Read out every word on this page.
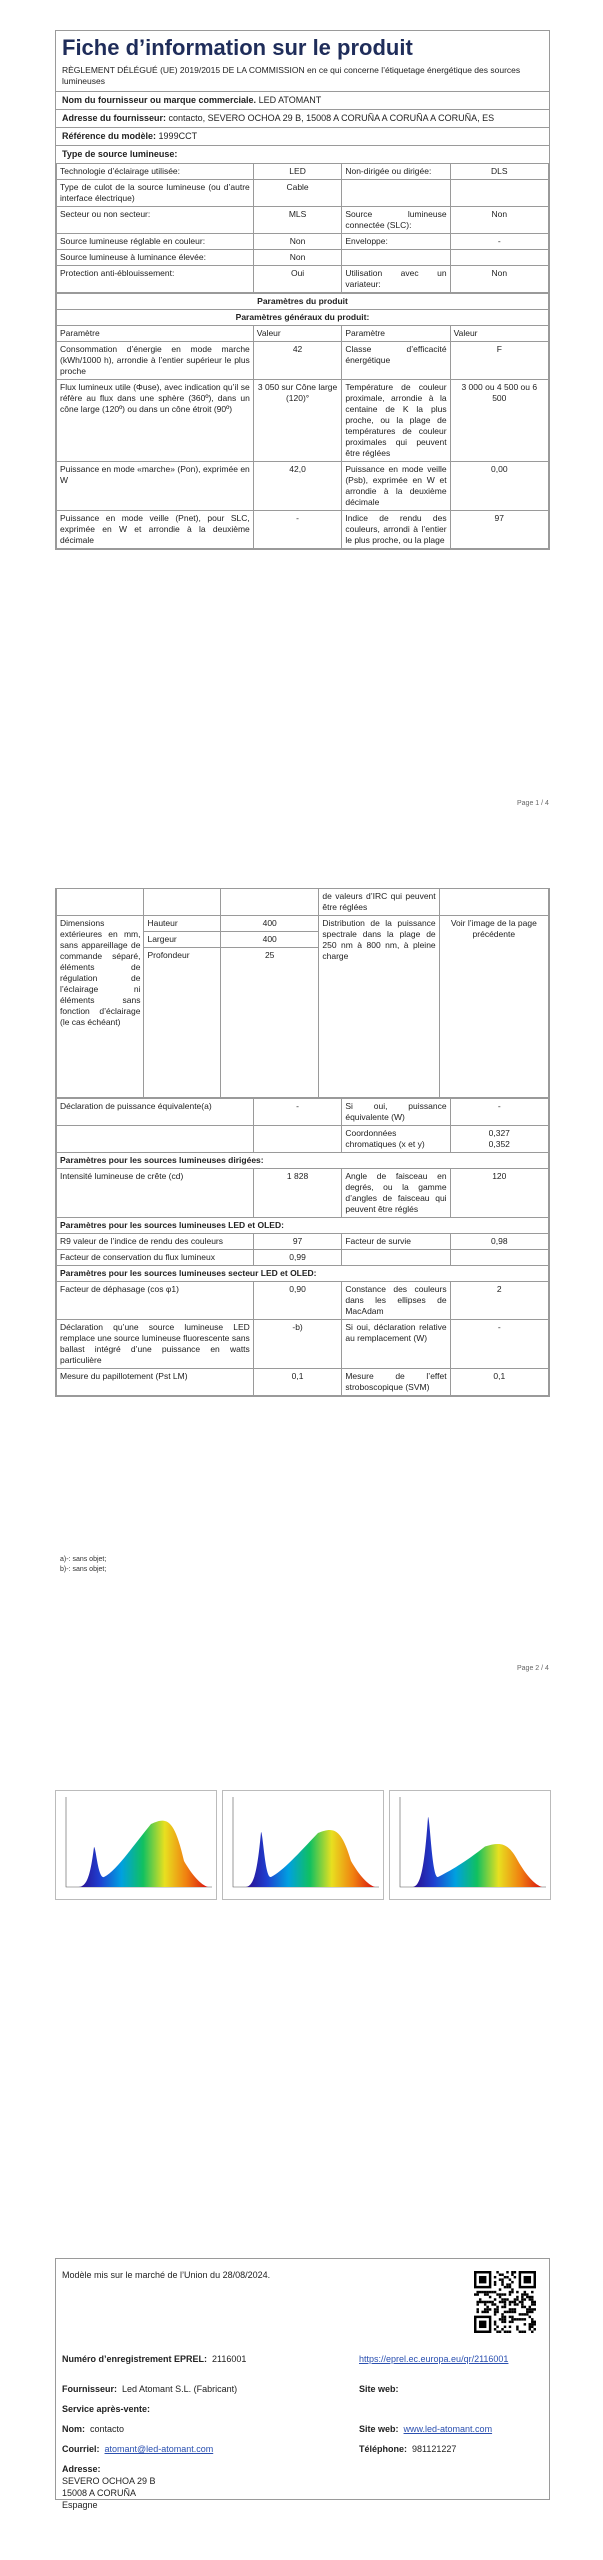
Fiche d’information sur le produit
RÈGLEMENT DÉLÉGUÉ (UE) 2019/2015 DE LA COMMISSION en ce qui concerne l’étiquetage énergétique des sources lumineuses
Nom du fournisseur ou marque commerciale. LED ATOMANT
Adresse du fournisseur: contacto, SEVERO OCHOA 29 B, 15008 A CORUÑA A CORUÑA A CORUÑA, ES
Référence du modèle: 1999CCT
Type de source lumineuse:
Technologie d’éclairage utilisée:	LED	Non-dirigée ou dirigée:	DLS
Type de culot de la source lumineuse (ou d’autre interface électrique)	Cable		
Secteur ou non secteur:	MLS	Source lumineuse connectée (SLC):	Non
Source lumineuse réglable en couleur:	Non	Enveloppe:	-
Source lumineuse à luminance élevée:	Non		
Protection anti-éblouissement:	Oui	Utilisation avec un variateur:	Non
Paramètres du produit			
Paramètres généraux du produit:			
Paramètre	Valeur	Paramètre	Valeur
Consommation d’énergie en mode marche (kWh/1000 h), arrondie à l’entier supérieur le plus proche	42	Classe d’efficacité énergétique	F
Flux lumineux utile (Φuse), avec indication qu’il se réfère au flux dans une sphère (360º), dans un cône large (120º) ou dans un cône étroit (90º)	3 050 sur Cône large (120)°	Température de couleur proximale, arrondie à la centaine de K la plus proche, ou la plage de températures de couleur proximales qui peuvent être réglées	3 000 ou 4 500 ou 6 500
Puissance en mode «marche» (Pon), exprimée en W	42,0	Puissance en mode veille (Psb), exprimée en W et arrondie à la deuxième décimale	0,00
Puissance en mode veille (Pnet), pour SLC, exprimée en W et arrondie à la deuxième décimale	-	Indice de rendu des couleurs, arrondi à l’entier le plus proche, ou la plage	97
Page 1 / 4
			de valeurs d’IRC qui peuvent être réglées	
Dimensions extérieures en mm, sans appareillage de commande séparé, éléments de régulation de l’éclairage ni éléments sans fonction d’éclairage (le cas échéant)	Hauteur	400	Distribution de la puissance spectrale dans la plage de 250 nm à 800 nm, à pleine charge	Voir l’image de la page précédente
	Largeur	400		
	Profondeur	25		
Déclaration de puissance équivalente(a)	-	Si oui, puissance équivalente (W)	-
		Coordonnées chromatiques (x et y)	0,327
0,352
Paramètres pour les sources lumineuses dirigées:			
Intensité lumineuse de crête (cd)	1 828	Angle de faisceau en degrés, ou la gamme d’angles de faisceau qui peuvent être réglés	120
Paramètres pour les sources lumineuses LED et OLED:			
R9 valeur de l’indice de rendu des couleurs	97	Facteur de survie	0,98
Facteur de conservation du flux lumineux	0,99		
Paramètres pour les sources lumineuses secteur LED et OLED:			
Facteur de déphasage (cos φ1)	0,90	Constance des couleurs dans les ellipses de MacAdam	2
Déclaration qu’une source lumineuse LED remplace une source lumineuse fluorescente sans ballast intégré d’une puissance en watts particulière	-b)	Si oui, déclaration relative au remplacement (W)	-
Mesure du papillotement (Pst LM)	0,1	Mesure de l’effet stroboscopique (SVM)	0,1
a)-: sans objet;
b)-: sans objet;
Page 2 / 4
Modèle mis sur le marché de l’Union du 28/08/2024.
Numéro d’enregistrement EPREL: 2116001	https://eprel.ec.europa.eu/qr/2116001
Fournisseur: Led Atomant S.L. (Fabricant)	Site web:
Service après-vente:
Nom: contacto	Site web: www.led-atomant.com
Courriel: atomant@led-atomant.com	Téléphone: 981121227
Adresse:
SEVERO OCHOA 29 B
15008 A CORUÑA
Espagne
